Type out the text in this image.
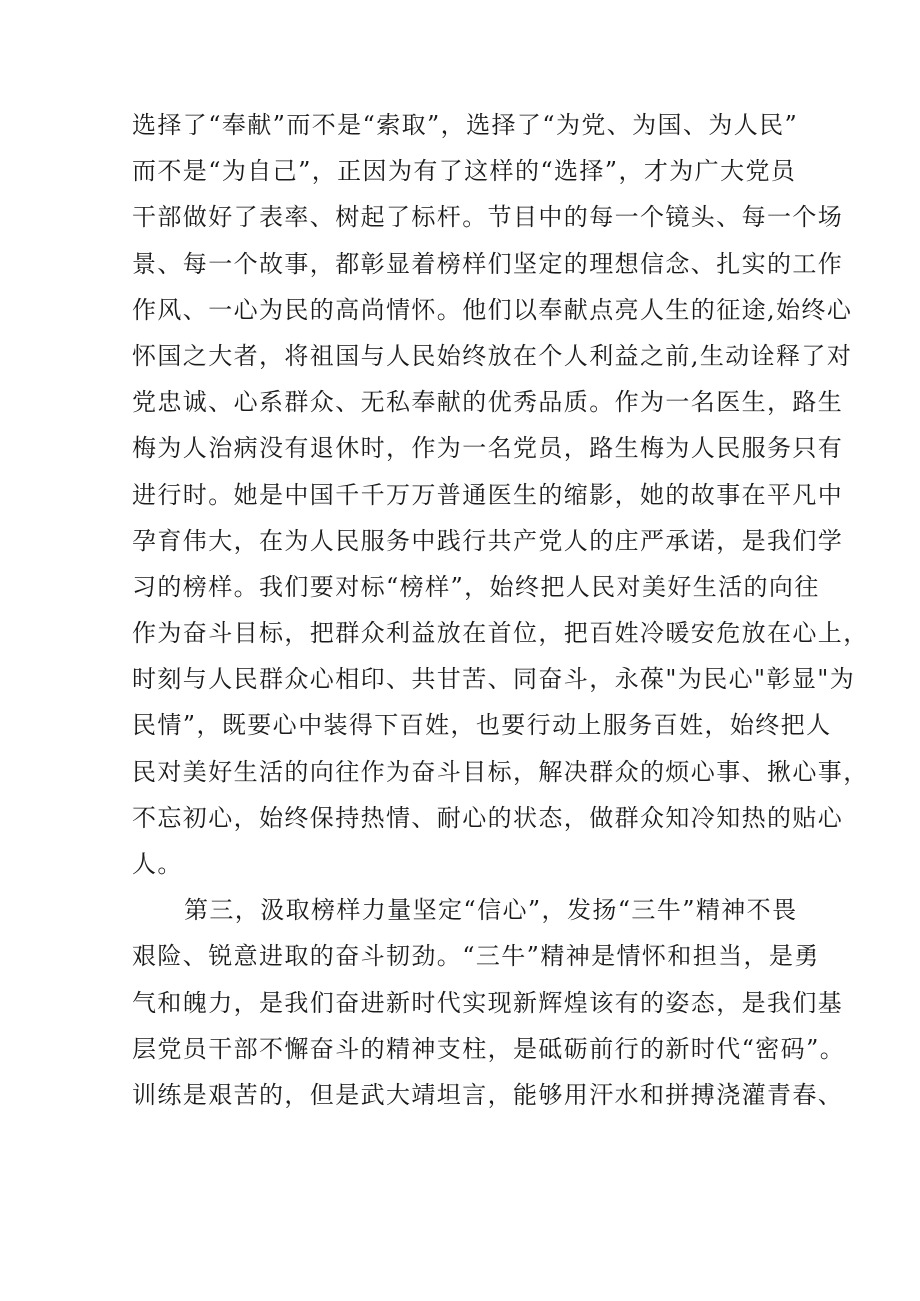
选择了“奉献”而不是“索取”，选择了“为党、为国、为人民”
而不是“为自己”，正因为有了这样的“选择”，才为广大党员
干部做好了表率、树起了标杆。节目中的每一个镜头、每一个场
景、每一个故事，都彰显着榜样们坚定的理想信念、扎实的工作
作风、一心为民的高尚情怀。他们以奉献点亮人生的征途,始终心
怀国之大者，将祖国与人民始终放在个人利益之前,生动诠释了对
党忠诚、心系群众、无私奉献的优秀品质。作为一名医生，路生
梅为人治病没有退休时，作为一名党员，路生梅为人民服务只有
进行时。她是中国千千万万普通医生的缩影，她的故事在平凡中
孕育伟大，在为人民服务中践行共产党人的庄严承诺，是我们学
习的榜样。我们要对标“榜样”，始终把人民对美好生活的向往
作为奋斗目标，把群众利益放在首位，把百姓冷暖安危放在心上，
时刻与人民群众心相印、共甘苦、同奋斗，永葆"为民心"彰显"为
民情”，既要心中装得下百姓，也要行动上服务百姓，始终把人
民对美好生活的向往作为奋斗目标，解决群众的烦心事、揪心事，
不忘初心，始终保持热情、耐心的状态，做群众知冷知热的贴心
人。
第三，汲取榜样力量坚定“信心”，发扬“三牛”精神不畏
艰险、锐意进取的奋斗韧劲。“三牛”精神是情怀和担当，是勇
气和魄力，是我们奋进新时代实现新辉煌该有的姿态，是我们基
层党员干部不懈奋斗的精神支柱，是砥砺前行的新时代“密码”。
训练是艰苦的，但是武大靖坦言，能够用汗水和拼搏浇灌青春、
